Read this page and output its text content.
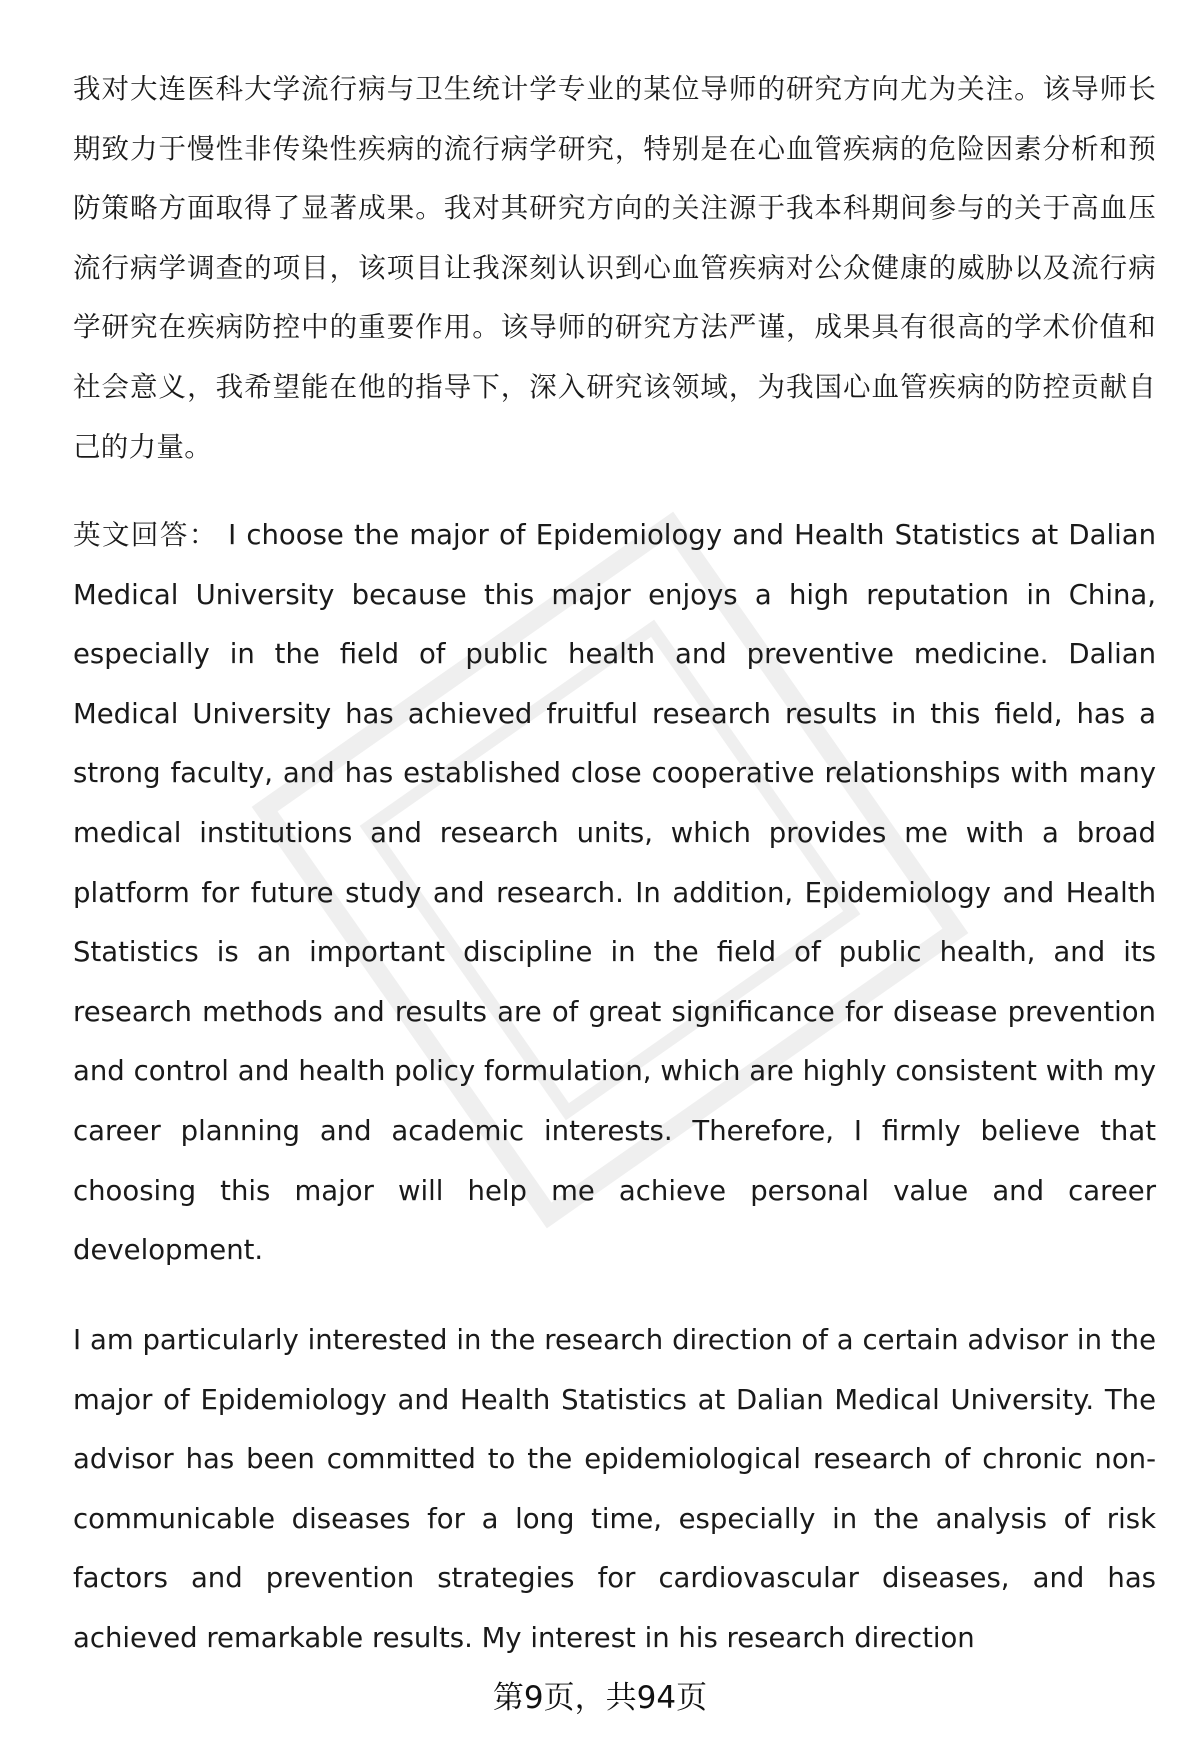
我对大连医科大学流行病与卫生统计学专业的某位导师的研究方向尤为关注。该导师长期致力于慢性非传染性疾病的流行病学研究，特别是在心血管疾病的危险因素分析和预防策略方面取得了显著成果。我对其研究方向的关注源于我本科期间参与的关于高血压流行病学调查的项目，该项目让我深刻认识到心血管疾病对公众健康的威胁以及流行病学研究在疾病防控中的重要作用。该导师的研究方法严谨，成果具有很高的学术价值和社会意义，我希望能在他的指导下，深入研究该领域，为我国心血管疾病的防控贡献自己的力量。

英文回答： I choose the major of Epidemiology and Health Statistics at Dalian Medical University because this major enjoys a high reputation in China, especially in the field of public health and preventive medicine. Dalian Medical University has achieved fruitful research results in this field, has a strong faculty, and has established close cooperative relationships with many medical institutions and research units, which provides me with a broad platform for future study and research. In addition, Epidemiology and Health Statistics is an important discipline in the field of public health, and its research methods and results are of great significance for disease prevention and control and health policy formulation, which are highly consistent with my career planning and academic interests. Therefore, I firmly believe that choosing this major will help me achieve personal value and career development.

I am particularly interested in the research direction of a certain advisor in the major of Epidemiology and Health Statistics at Dalian Medical University. The advisor has been committed to the epidemiological research of chronic non-communicable diseases for a long time, especially in the analysis of risk factors and prevention strategies for cardiovascular diseases, and has achieved remarkable results. My interest in his research direction

第9页，共94页
